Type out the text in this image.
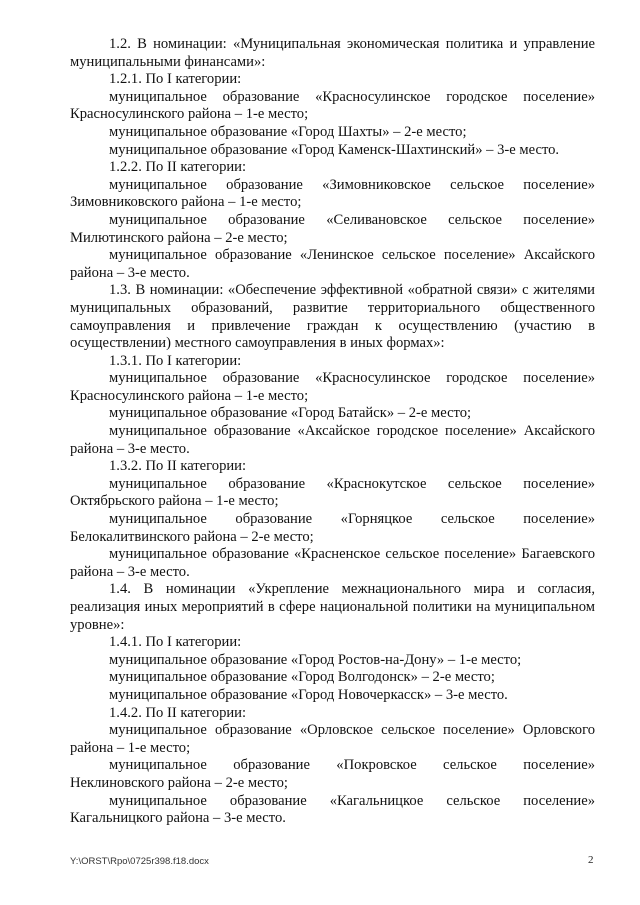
1.2. В номинации: «Муниципальная экономическая политика и управление муниципальными финансами»:

1.2.1. По I категории:

муниципальное образование «Красносулинское городское поселение» Красносулинского района – 1-е место;

муниципальное образование «Город Шахты» – 2-е место;

муниципальное образование «Город Каменск-Шахтинский» – 3-е место.

1.2.2. По II категории:

муниципальное образование «Зимовниковское сельское поселение» Зимовниковского района – 1-е место;

муниципальное образование «Селивановское сельское поселение» Милютинского района – 2-е место;

муниципальное образование «Ленинское сельское поселение» Аксайского района – 3-е место.

1.3. В номинации: «Обеспечение эффективной «обратной связи» с жителями муниципальных образований, развитие территориального общественного самоуправления и привлечение граждан к осуществлению (участию в осуществлении) местного самоуправления в иных формах»:

1.3.1. По I категории:

муниципальное образование «Красносулинское городское поселение» Красносулинского района – 1-е место;

муниципальное образование «Город Батайск» – 2-е место;

муниципальное образование «Аксайское городское поселение» Аксайского района – 3-е место.

1.3.2. По II категории:

муниципальное образование «Краснокутское сельское поселение» Октябрьского района – 1-е место;

муниципальное образование «Горняцкое сельское поселение» Белокалитвинского района – 2-е место;

муниципальное образование «Красненское сельское поселение» Багаевского района – 3-е место.

1.4. В номинации «Укрепление межнационального мира и согласия, реализация иных мероприятий в сфере национальной политики на муниципальном уровне»:

1.4.1. По I категории:

муниципальное образование «Город Ростов-на-Дону» – 1-е место;

муниципальное образование «Город Волгодонск» – 2-е место;

муниципальное образование «Город Новочеркасск» – 3-е место.

1.4.2. По II категории:

муниципальное образование «Орловское сельское поселение» Орловского района – 1-е место;

муниципальное образование «Покровское сельское поселение» Неклиновского района – 2-е место;

муниципальное образование «Кагальницкое сельское поселение» Кагальницкого района – 3-е место.

Y:\ORST\Rpo\0725r398.f18.docx	2
